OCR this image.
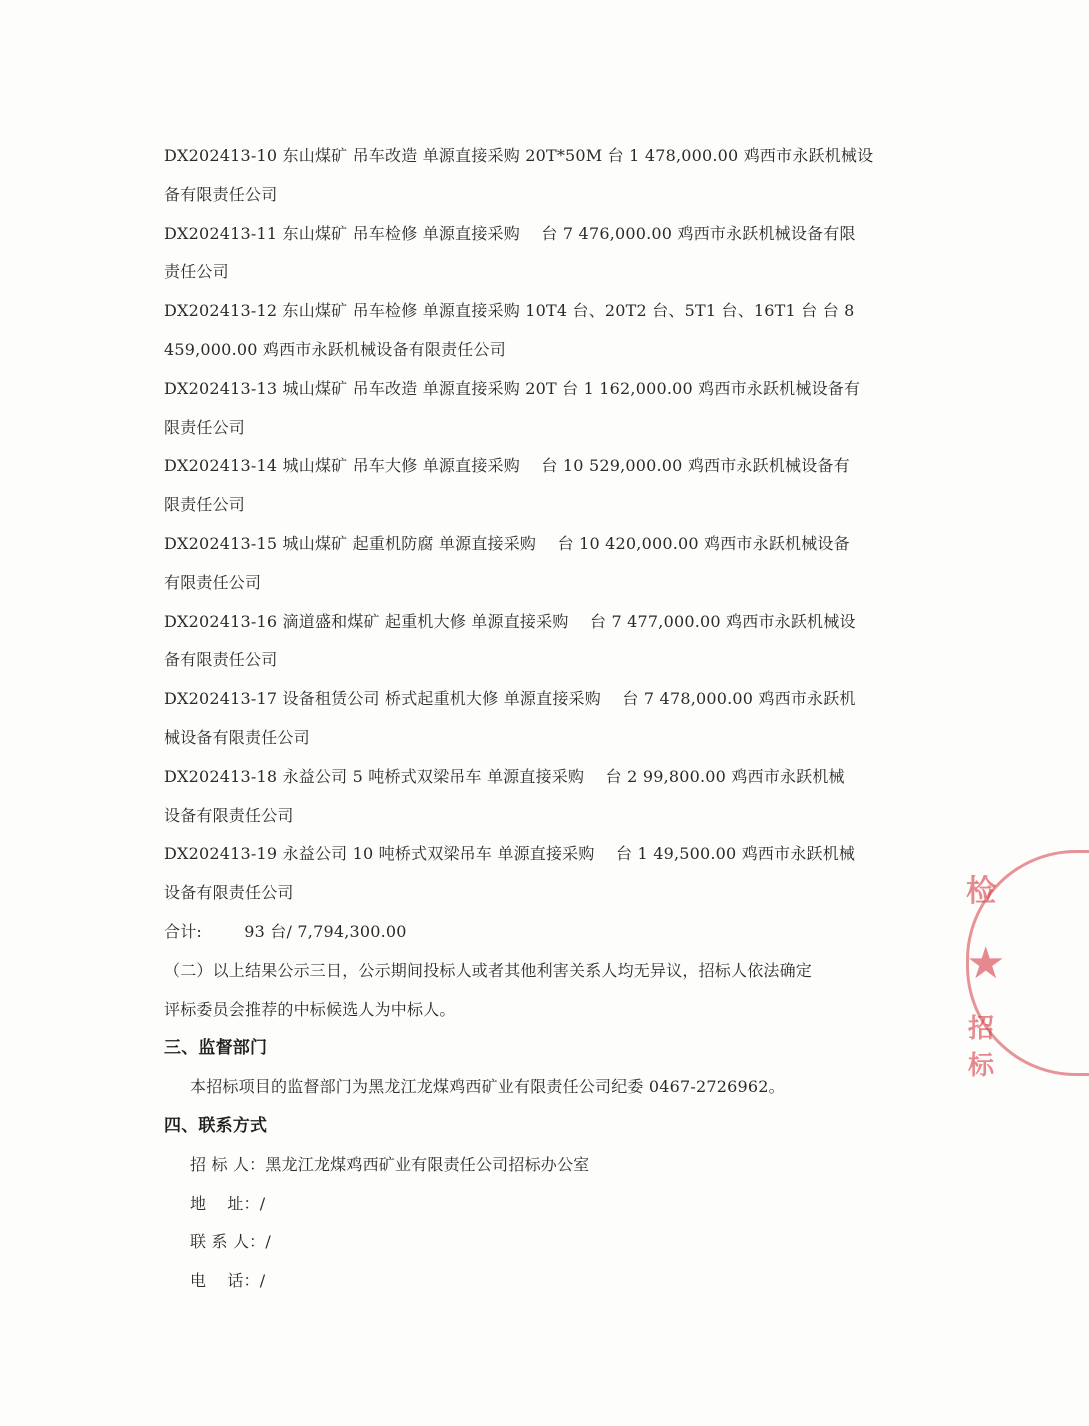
DX202413-10 东山煤矿 吊车改造 单源直接采购 20T*50M 台 1 478,000.00 鸡西市永跃机械设
备有限责任公司
DX202413-11 东山煤矿 吊车检修 单源直接采购　 台 7 476,000.00 鸡西市永跃机械设备有限
责任公司
DX202413-12 东山煤矿 吊车检修 单源直接采购 10T4 台、20T2 台、5T1 台、16T1 台 台 8
459,000.00 鸡西市永跃机械设备有限责任公司
DX202413-13 城山煤矿 吊车改造 单源直接采购 20T 台 1 162,000.00 鸡西市永跃机械设备有
限责任公司
DX202413-14 城山煤矿 吊车大修 单源直接采购　 台 10 529,000.00 鸡西市永跃机械设备有
限责任公司
DX202413-15 城山煤矿 起重机防腐 单源直接采购　 台 10 420,000.00 鸡西市永跃机械设备
有限责任公司
DX202413-16 滴道盛和煤矿 起重机大修 单源直接采购　 台 7 477,000.00 鸡西市永跃机械设
备有限责任公司
DX202413-17 设备租赁公司 桥式起重机大修 单源直接采购　 台 7 478,000.00 鸡西市永跃机
械设备有限责任公司
DX202413-18 永益公司 5 吨桥式双梁吊车 单源直接采购　 台 2 99,800.00 鸡西市永跃机械
设备有限责任公司
DX202413-19 永益公司 10 吨桥式双梁吊车 单源直接采购　 台 1 49,500.00 鸡西市永跃机械
设备有限责任公司
合计:        93 台/ 7,794,300.00
（二）以上结果公示三日，公示期间投标人或者其他利害关系人均无异议，招标人依法确定
评标委员会推荐的中标候选人为中标人。
三、监督部门
本招标项目的监督部门为黑龙江龙煤鸡西矿业有限责任公司纪委 0467-2726962。
四、联系方式
招 标 人：黑龙江龙煤鸡西矿业有限责任公司招标办公室
地    址：/
联 系 人：/
电    话：/
检
★
招标
